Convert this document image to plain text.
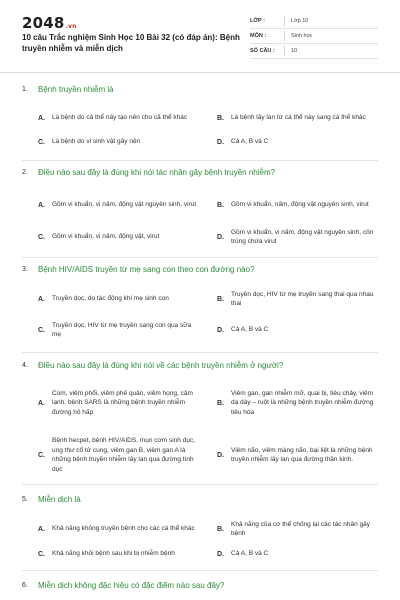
2048.vn
10 câu Trắc nghiệm Sinh Học 10 Bài 32 (có đáp án): Bệnh truyền nhiễm và miễn dịch
LỚP :	Lớp 10
MÔN :	Sinh học
SỐ CÂU :	10
1.	Bệnh truyền nhiễm là
A.	Là bệnh do cả thể này tạo nên cho cả thể khác	B.	Là bệnh lây lan từ cá thể này sang cá thể khác
C.	Là bệnh do vi sinh vật gây nên	D.	Cả A, B và C
2.	Điều nào sau đây là đúng khi nói tác nhân gây bệnh truyền nhiễm?
A.	Gồm vi khuẩn, vi nấm, động vật nguyên sinh, virut	B.	Gồm vi khuẩn, nấm, động vật nguyên sinh, virut
C.	Gồm vi khuẩn, vi nấm, động vật, virut	D.
Gồm vi khuẩn, vi nấm, động vật nguyên sinh, côn trùng chứa virut
3.	Bệnh HIV/AIDS truyền từ mẹ sang con theo con đường nào?
A.	Truyền dọc, do tác động khi mẹ sinh con	B.
Truyền dọc, HIV từ mẹ truyền sang thai qua nhau thai
C.
Truyền dọc, HIV từ mẹ truyền sang con qua sữa mẹ
D.	Cả A, B và C
4.	Điều nào sau đây là đúng khi nói về các bệnh truyền nhiễm ở người?
A.
Cúm, viêm phổi, viêm phế quản, viêm họng, cảm lạnh, bệnh SARS là những bệnh truyền nhiễm đường hô hấp
B.
Viêm gan, gan nhiễm mỡ, quai bị, tiêu chảy, viêm dạ dày – ruột là những bệnh truyền nhiễm đường tiêu hóa
C.
Bệnh hecpet, bệnh HIV/AIDS, mụn cơm sinh dục, ung thư cổ tử cung, viêm gan B, viêm gan A là những bệnh truyền nhiễm lây lan qua đường tình dục
D.
Viêm não, viêm màng não, bại liệt là những bệnh truyền nhiễm lây lan qua đường thần kinh.
5.	Miễn dịch là
A.	Khả năng không truyền bệnh cho các cá thể khác	B.
Khả năng của cơ thể chống lại các tác nhân gây bệnh
C.	Khả năng khỏi bệnh sau khi bị nhiễm bệnh	D.	Cả A, B và C
6.	Miễn dịch không đặc hiệu có đặc điểm nào sau đây?
